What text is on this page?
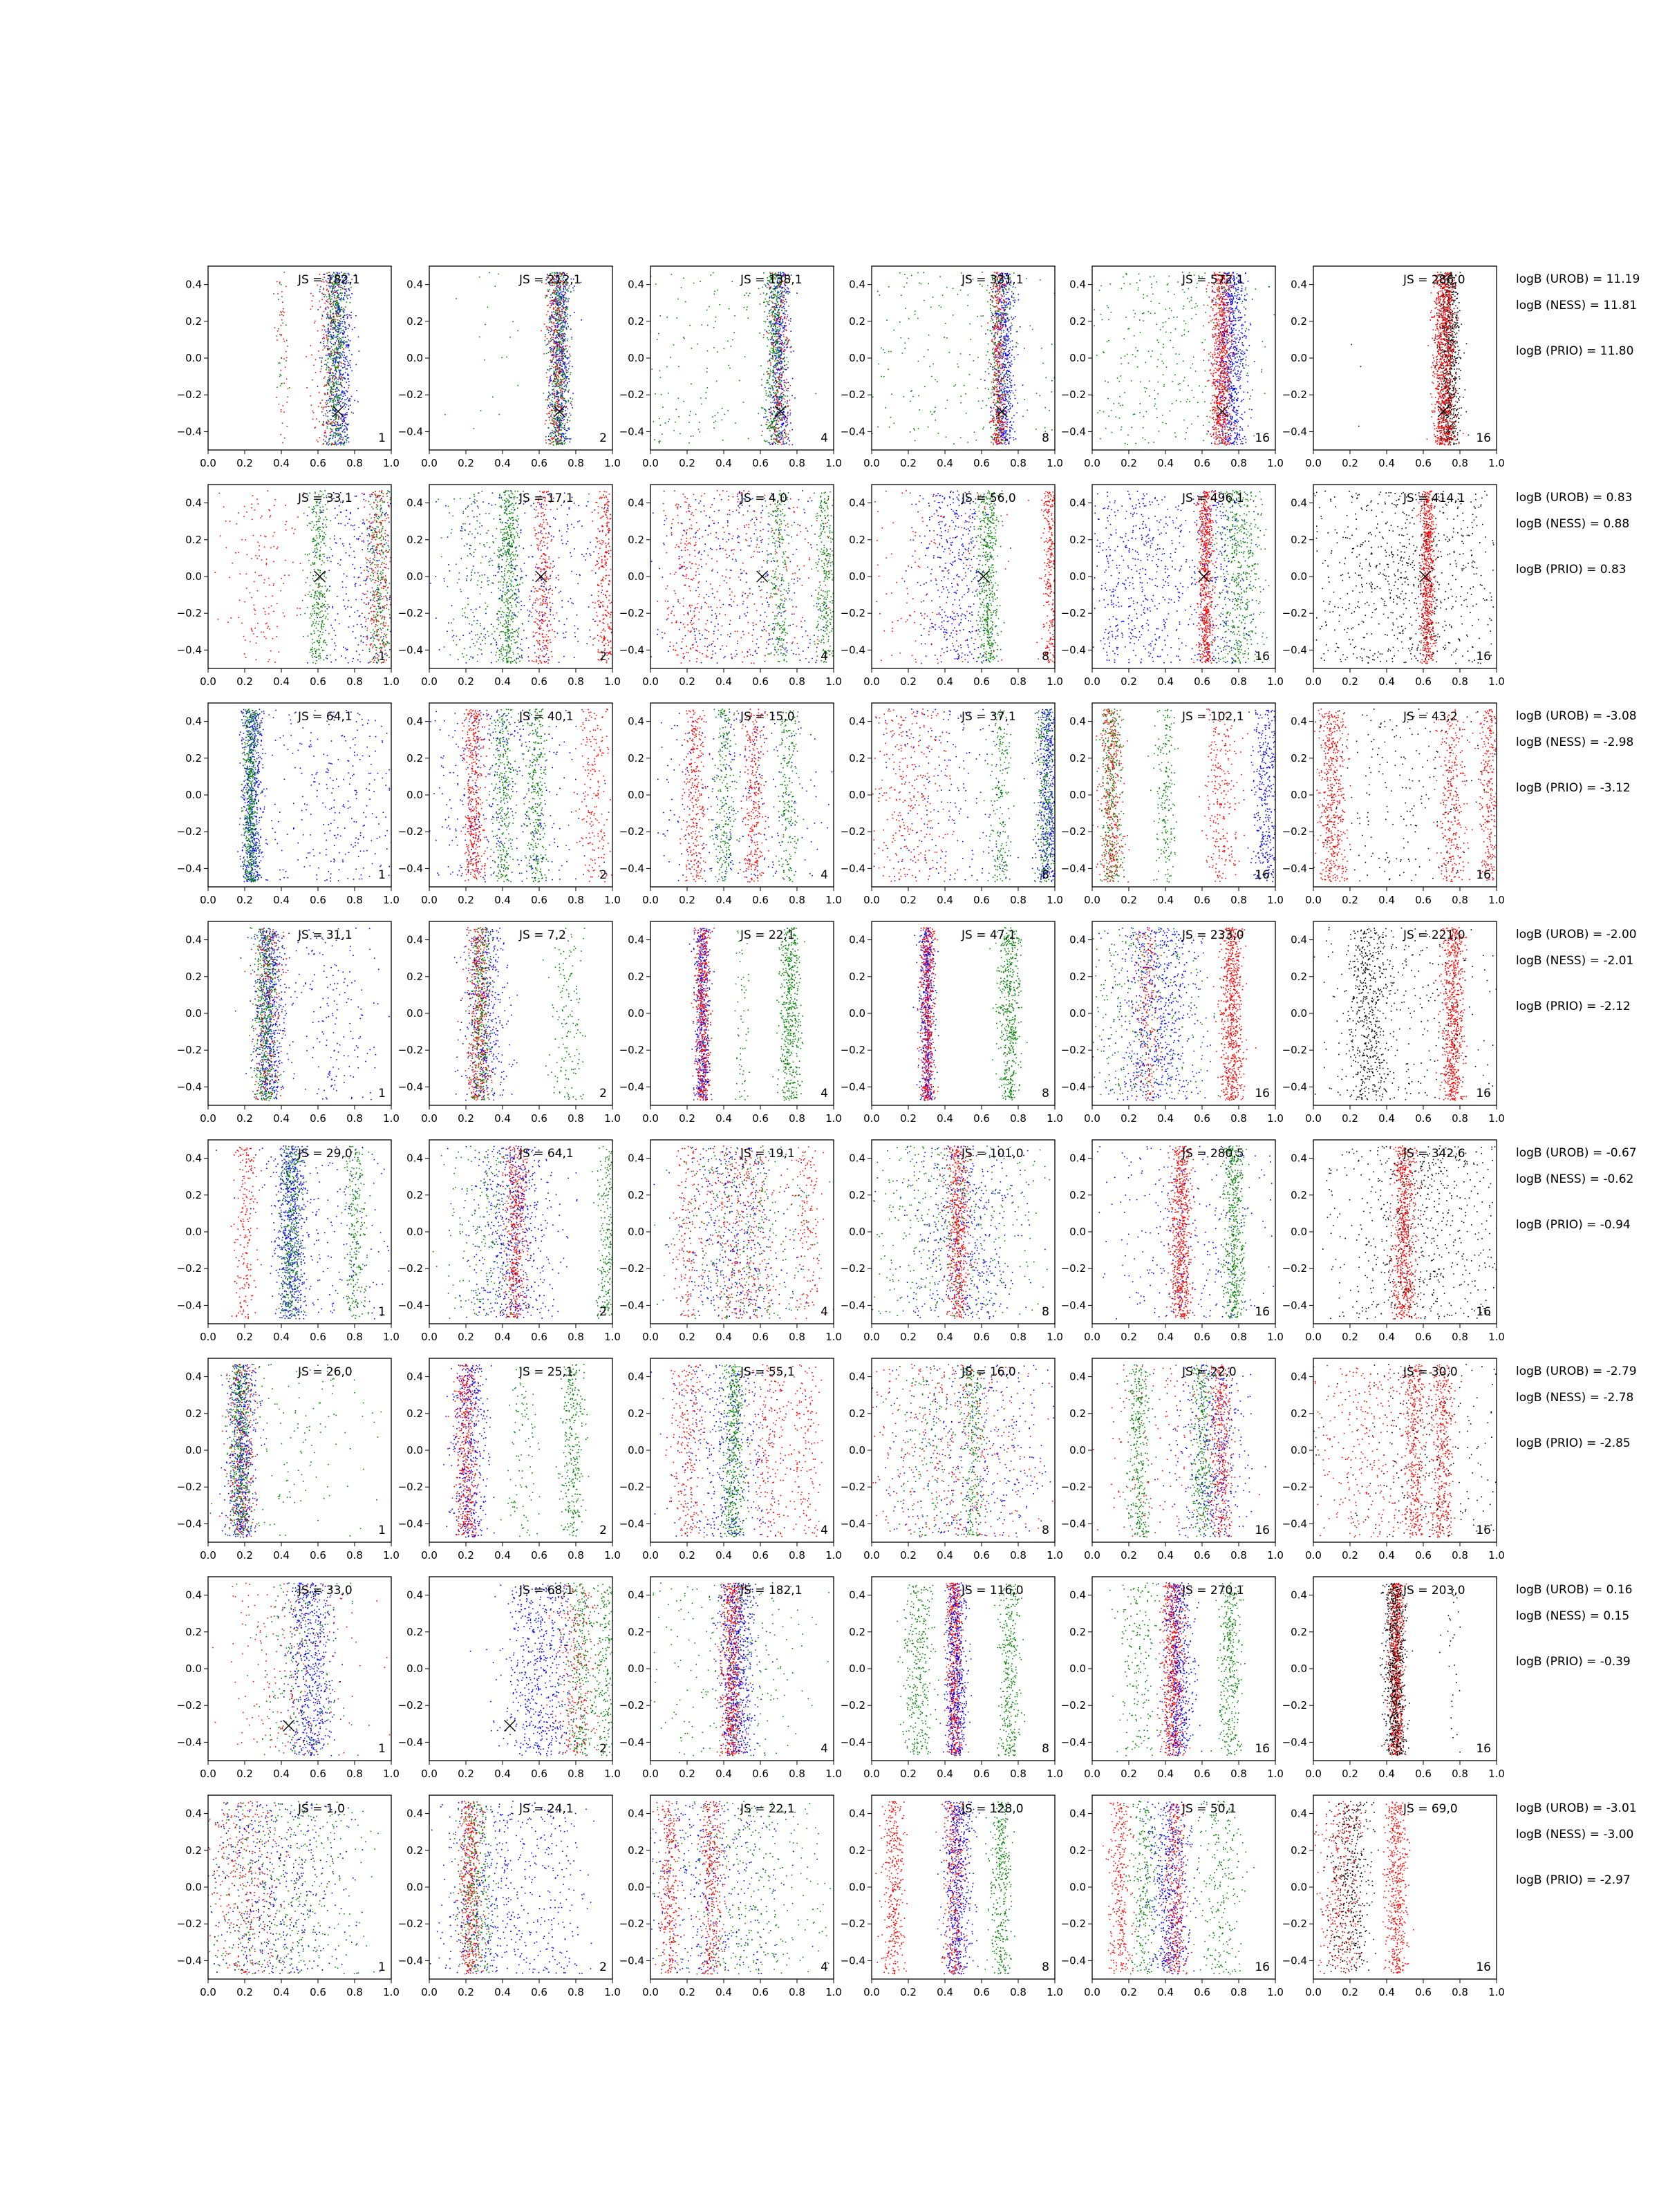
0.0 0.2 0.4 0.6 0.8 1.0
0.4
0.2
0.0
−0.2
−0.4
JS = 182,1
1
0.0 0.2 0.4 0.6 0.8 1.0
0.4
0.2
0.0
−0.2
−0.4
JS = 212,1
2
0.0 0.2 0.4 0.6 0.8 1.0
0.4
0.2
0.0
−0.2
−0.4
JS = 138,1
4
0.0 0.2 0.4 0.6 0.8 1.0
0.4
0.2
0.0
−0.2
−0.4
JS = 331,1
8
0.0 0.2 0.4 0.6 0.8 1.0
0.4
0.2
0.0
−0.2
−0.4
JS = 572,1
16
0.0 0.2 0.4 0.6 0.8 1.0
0.4
0.2
0.0
−0.2
−0.4
JS = 286,0
16
logB (UROB) = 11.19
logB (NESS) = 11.81
logB (PRIO) = 11.80
0.0 0.2 0.4 0.6 0.8 1.0
0.4
0.2
0.0
−0.2
−0.4
JS = 33,1
1
0.0 0.2 0.4 0.6 0.8 1.0
0.4
0.2
0.0
−0.2
−0.4
JS = 17,1
2
0.0 0.2 0.4 0.6 0.8 1.0
0.4
0.2
0.0
−0.2
−0.4
JS = 4,0
4
0.0 0.2 0.4 0.6 0.8 1.0
0.4
0.2
0.0
−0.2
−0.4
JS = 56,0
8
0.0 0.2 0.4 0.6 0.8 1.0
0.4
0.2
0.0
−0.2
−0.4
JS = 496,1
16
0.0 0.2 0.4 0.6 0.8 1.0
0.4
0.2
0.0
−0.2
−0.4
JS = 414,1
16
logB (UROB) = 0.83
logB (NESS) = 0.88
logB (PRIO) = 0.83
0.0 0.2 0.4 0.6 0.8 1.0
0.4
0.2
0.0
−0.2
−0.4
JS = 64,1
1
0.0 0.2 0.4 0.6 0.8 1.0
0.4
0.2
0.0
−0.2
−0.4
JS = 40,1
2
0.0 0.2 0.4 0.6 0.8 1.0
0.4
0.2
0.0
−0.2
−0.4
JS = 15,0
4
0.0 0.2 0.4 0.6 0.8 1.0
0.4
0.2
0.0
−0.2
−0.4
JS = 37,1
8
0.0 0.2 0.4 0.6 0.8 1.0
0.4
0.2
0.0
−0.2
−0.4
JS = 102,1
16
0.0 0.2 0.4 0.6 0.8 1.0
0.4
0.2
0.0
−0.2
−0.4
JS = 43,2
16
logB (UROB) = -3.08
logB (NESS) = -2.98
logB (PRIO) = -3.12
0.0 0.2 0.4 0.6 0.8 1.0
0.4
0.2
0.0
−0.2
−0.4
JS = 31,1
1
0.0 0.2 0.4 0.6 0.8 1.0
0.4
0.2
0.0
−0.2
−0.4
JS = 7,2
2
0.0 0.2 0.4 0.6 0.8 1.0
0.4
0.2
0.0
−0.2
−0.4
JS = 22,1
4
0.0 0.2 0.4 0.6 0.8 1.0
0.4
0.2
0.0
−0.2
−0.4
JS = 47,1
8
0.0 0.2 0.4 0.6 0.8 1.0
0.4
0.2
0.0
−0.2
−0.4
JS = 233,0
16
0.0 0.2 0.4 0.6 0.8 1.0
0.4
0.2
0.0
−0.2
−0.4
JS = 221,0
16
logB (UROB) = -2.00
logB (NESS) = -2.01
logB (PRIO) = -2.12
0.0 0.2 0.4 0.6 0.8 1.0
0.4
0.2
0.0
−0.2
−0.4
JS = 29,0
1
0.0 0.2 0.4 0.6 0.8 1.0
0.4
0.2
0.0
−0.2
−0.4
JS = 64,1
2
0.0 0.2 0.4 0.6 0.8 1.0
0.4
0.2
0.0
−0.2
−0.4
JS = 19,1
4
0.0 0.2 0.4 0.6 0.8 1.0
0.4
0.2
0.0
−0.2
−0.4
JS = 101,0
8
0.0 0.2 0.4 0.6 0.8 1.0
0.4
0.2
0.0
−0.2
−0.4
JS = 280,5
16
0.0 0.2 0.4 0.6 0.8 1.0
0.4
0.2
0.0
−0.2
−0.4
JS = 342,6
16
logB (UROB) = -0.67
logB (NESS) = -0.62
logB (PRIO) = -0.94
0.0 0.2 0.4 0.6 0.8 1.0
0.4
0.2
0.0
−0.2
−0.4
JS = 26,0
1
0.0 0.2 0.4 0.6 0.8 1.0
0.4
0.2
0.0
−0.2
−0.4
JS = 25,1
2
0.0 0.2 0.4 0.6 0.8 1.0
0.4
0.2
0.0
−0.2
−0.4
JS = 55,1
4
0.0 0.2 0.4 0.6 0.8 1.0
0.4
0.2
0.0
−0.2
−0.4
JS = 16,0
8
0.0 0.2 0.4 0.6 0.8 1.0
0.4
0.2
0.0
−0.2
−0.4
JS = 22,0
16
0.0 0.2 0.4 0.6 0.8 1.0
0.4
0.2
0.0
−0.2
−0.4
JS = 30,0
16
logB (UROB) = -2.79
logB (NESS) = -2.78
logB (PRIO) = -2.85
0.0 0.2 0.4 0.6 0.8 1.0
0.4
0.2
0.0
−0.2
−0.4
JS = 33,0
1
0.0 0.2 0.4 0.6 0.8 1.0
0.4
0.2
0.0
−0.2
−0.4
JS = 68,1
2
0.0 0.2 0.4 0.6 0.8 1.0
0.4
0.2
0.0
−0.2
−0.4
JS = 182,1
4
0.0 0.2 0.4 0.6 0.8 1.0
0.4
0.2
0.0
−0.2
−0.4
JS = 116,0
8
0.0 0.2 0.4 0.6 0.8 1.0
0.4
0.2
0.0
−0.2
−0.4
JS = 270,1
16
0.0 0.2 0.4 0.6 0.8 1.0
0.4
0.2
0.0
−0.2
−0.4
JS = 203,0
16
logB (UROB) = 0.16
logB (NESS) = 0.15
logB (PRIO) = -0.39
0.0 0.2 0.4 0.6 0.8 1.0
0.4
0.2
0.0
−0.2
−0.4
JS = 1,0
1
0.0 0.2 0.4 0.6 0.8 1.0
0.4
0.2
0.0
−0.2
−0.4
JS = 24,1
2
0.0 0.2 0.4 0.6 0.8 1.0
0.4
0.2
0.0
−0.2
−0.4
JS = 22,1
4
0.0 0.2 0.4 0.6 0.8 1.0
0.4
0.2
0.0
−0.2
−0.4
JS = 128,0
8
0.0 0.2 0.4 0.6 0.8 1.0
0.4
0.2
0.0
−0.2
−0.4
JS = 50,1
16
0.0 0.2 0.4 0.6 0.8 1.0
0.4
0.2
0.0
−0.2
−0.4
JS = 69,0
16
logB (UROB) = -3.01
logB (NESS) = -3.00
logB (PRIO) = -2.97
